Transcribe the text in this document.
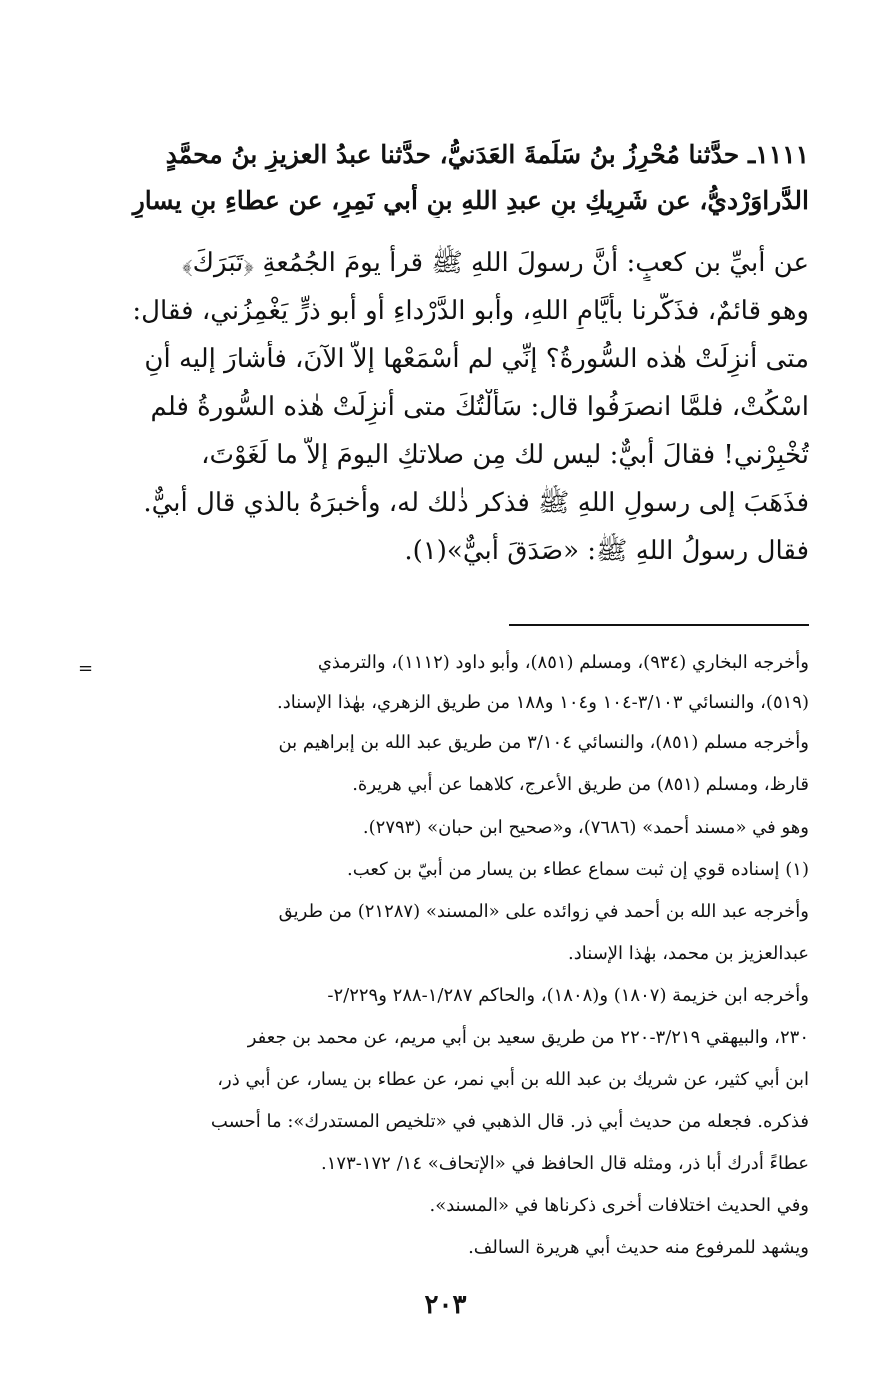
١١١١ـ حدَّثنا مُحْرِزُ بنُ سَلَمةَ العَدَنيُّ، حدَّثنا عبدُ العزيزِ بنُ محمَّدٍ
الدَّراوَرْديُّ، عن شَرِيكِ بنِ عبدِ اللهِ بنِ أبي نَمِرٍ، عن عطاءِ بنِ يسارٍ
عن أُبيِّ بن كعبٍ: أنَّ رسولَ اللهِ ﷺ قرأَ يومَ الجُمُعةِ ﴿تَبَرَكَ﴾
وهو قائمٌ، فذَكَّرنا بأيَّامِ اللهِ، وأبو الدَّرْداءِ أو أبو ذرٍّ يَغْمِزُني، فقال:
متى أُنزِلَتْ هٰذه السُّورةُ؟ إنِّي لم أسْمَعْها إلاَّ الآنَ، فأشارَ إليه أنِ
اسْكُتْ، فلمَّا انصرَفُوا قال: سَألْتُكَ متى أُنزِلَتْ هٰذه السُّورةُ فلم
تُخْبِرْني! فقالَ أُبيٌّ: ليس لك مِن صلاتكِ اليومَ إلاَّ ما لَغَوْتَ،
فذَهَبَ إلى رسولِ اللهِ ﷺ فذكر ذٰلك له، وأخبرَهُ بالذي قال أُبيٌّ.
فقال رسولُ اللهِ ﷺ: «صَدَقَ أُبيٌّ»(١).
=	وأخرجه البخاري (٩٣٤)، ومسلم (٨٥١)، وأبو داود (١١١٢)، والترمذي
(٥١٩)، والنسائي ٣/١٠٣-١٠٤ و١٠٤ و١٨٨ من طريق الزهري، بهٰذا الإسناد.
وأخرجه مسلم (٨٥١)، والنسائي ٣/١٠٤ من طريق عبد الله بن إبراهيم بن
قارظ، ومسلم (٨٥١) من طريق الأعرج، كلاهما عن أبي هريرة.
وهو في «مسند أحمد» (٧٦٨٦)، و«صحيح ابن حبان» (٢٧٩٣).
(١) إسناده قوي إن ثبت سماع عطاء بن يسار من أبيّ بن كعب.
وأخرجه عبد الله بن أحمد في زوائده على «المسند» (٢١٢٨٧) من طريق
عبدالعزيز بن محمد، بهٰذا الإسناد.
وأخرجه ابن خزيمة (١٨٠٧) و(١٨٠٨)، والحاكم ١/٢٨٧-٢٨٨ و٢/٢٢٩-
٢٣٠، والبيهقي ٣/٢١٩-٢٢٠ من طريق سعيد بن أبي مريم، عن محمد بن جعفر
ابن أبي كثير، عن شريك بن عبد الله بن أبي نمر، عن عطاء بن يسار، عن أبي ذر،
فذكره. فجعله من حديث أبي ذر. قال الذهبي في «تلخيص المستدرك»: ما أحسب
عطاءً أدرك أبا ذر، ومثله قال الحافظ في «الإتحاف» ١٤/ ١٧٢-١٧٣.
وفي الحديث اختلافات أخرى ذكرناها في «المسند».
ويشهد للمرفوع منه حديث أبي هريرة السالف.
٢٠٣
